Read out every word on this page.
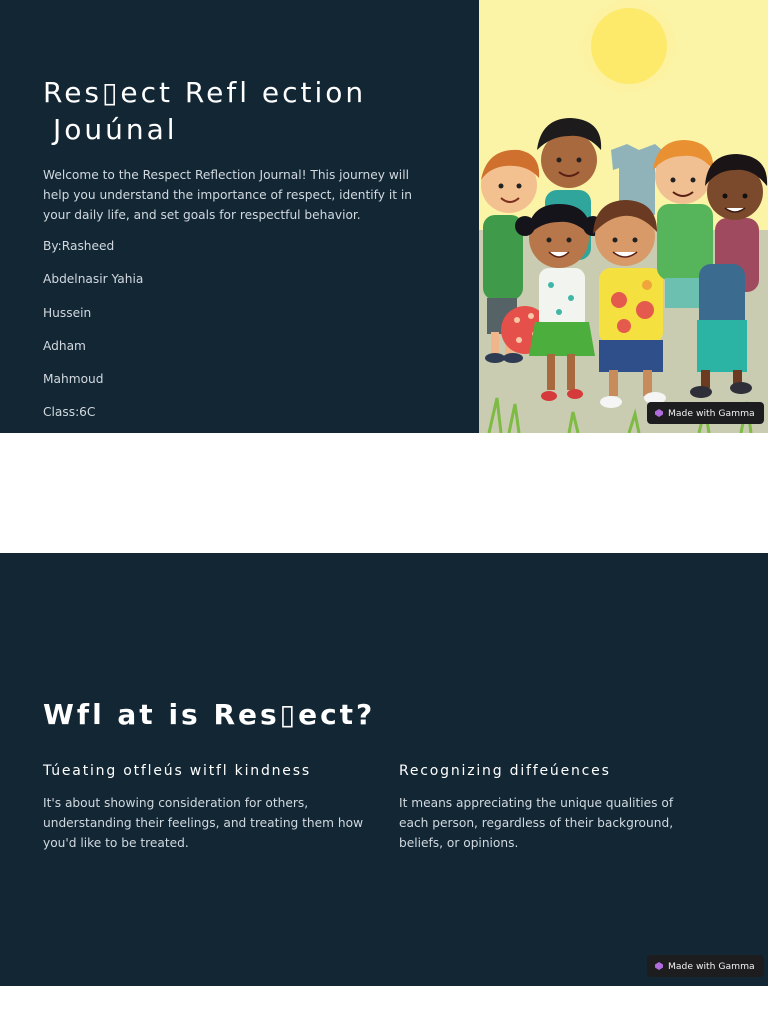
Res▯ect Refl ection
Jouúnal

Welcome to the Respect Reflection Journal! This journey will help you understand the importance of respect, identify it in your daily life, and set goals for respectful behavior.

By:Rasheed
Abdelnasir Yahia
Hussein
Adham
Mahmoud
Class:6C	Made with Gamma
Wfl at is Res▯ect?
Túeating otfleús witfl kindness

It's about showing consideration for others, understanding their feelings, and treating them how you'd like to be treated.

Recognizing diffeúences

It means appreciating the unique qualities of each person, regardless of their background, beliefs, or opinions.

Made with Gamma
